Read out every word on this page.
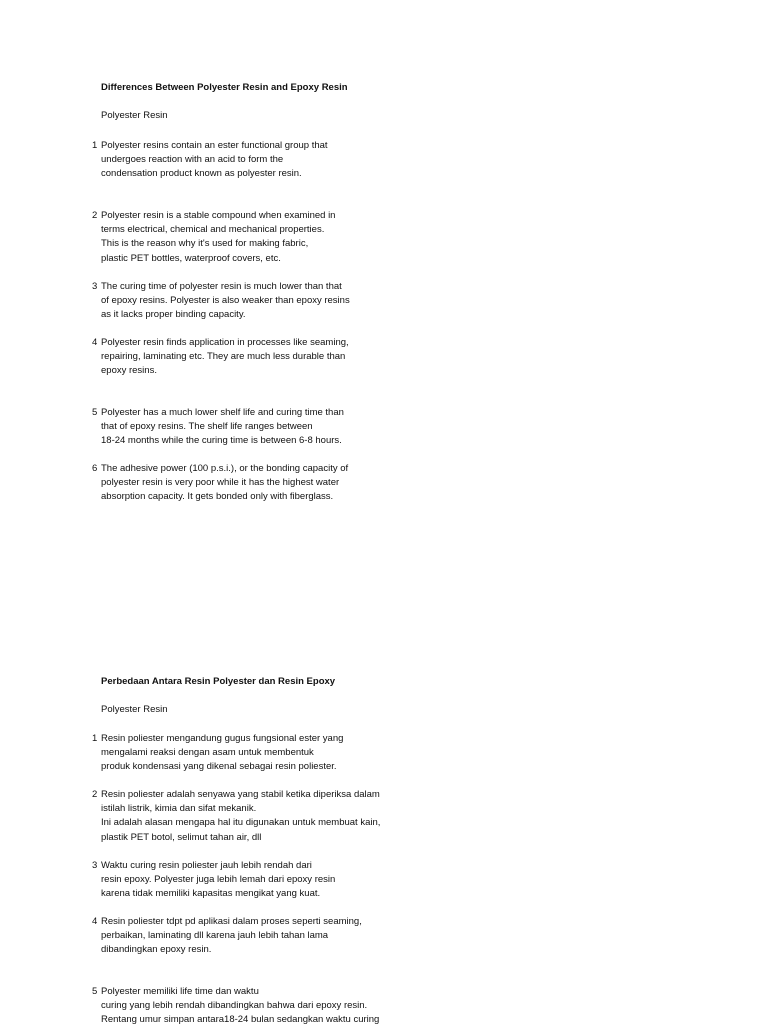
Differences Between Polyester Resin and Epoxy Resin
Polyester Resin
1 Polyester resins contain an ester functional group that
undergoes reaction with an acid to form the
condensation product known as polyester resin.
2 Polyester resin is a stable compound when examined in
terms electrical, chemical and mechanical properties.
This is the reason why it's used for making fabric,
plastic PET bottles, waterproof covers, etc.
3 The curing time of polyester resin is much lower than that
of epoxy resins. Polyester is also weaker than epoxy resins
as it lacks proper binding capacity.
4 Polyester resin finds application in processes like seaming,
repairing, laminating etc. They are much less durable than
epoxy resins.
5 Polyester has a much lower shelf life and curing time than
that of epoxy resins. The shelf life ranges between
18-24 months while the curing time is between 6-8 hours.
6 The adhesive power (100 p.s.i.), or the bonding capacity of
polyester resin is very poor while it has the highest water
absorption capacity. It gets bonded only with fiberglass.
Perbedaan Antara Resin Polyester dan Resin Epoxy
Polyester Resin
1 Resin poliester mengandung gugus fungsional ester yang
mengalami reaksi dengan asam untuk membentuk
produk kondensasi yang dikenal sebagai resin poliester.
2 Resin poliester adalah senyawa yang stabil ketika diperiksa dalam
istilah listrik, kimia dan sifat mekanik.
Ini adalah alasan mengapa hal itu digunakan untuk membuat kain,
plastik PET botol, selimut tahan air, dll
3 Waktu curing resin poliester jauh lebih rendah dari
resin epoxy. Polyester juga lebih lemah dari epoxy resin
karena tidak memiliki kapasitas mengikat yang kuat.
4 Resin poliester tdpt pd aplikasi dalam proses seperti seaming,
perbaikan, laminating dll karena jauh lebih tahan lama
dibandingkan epoxy resin.
5 Polyester memiliki life time dan waktu
curing yang lebih rendah dibandingkan bahwa dari epoxy resin.
Rentang umur simpan antara18-24 bulan sedangkan waktu curing
